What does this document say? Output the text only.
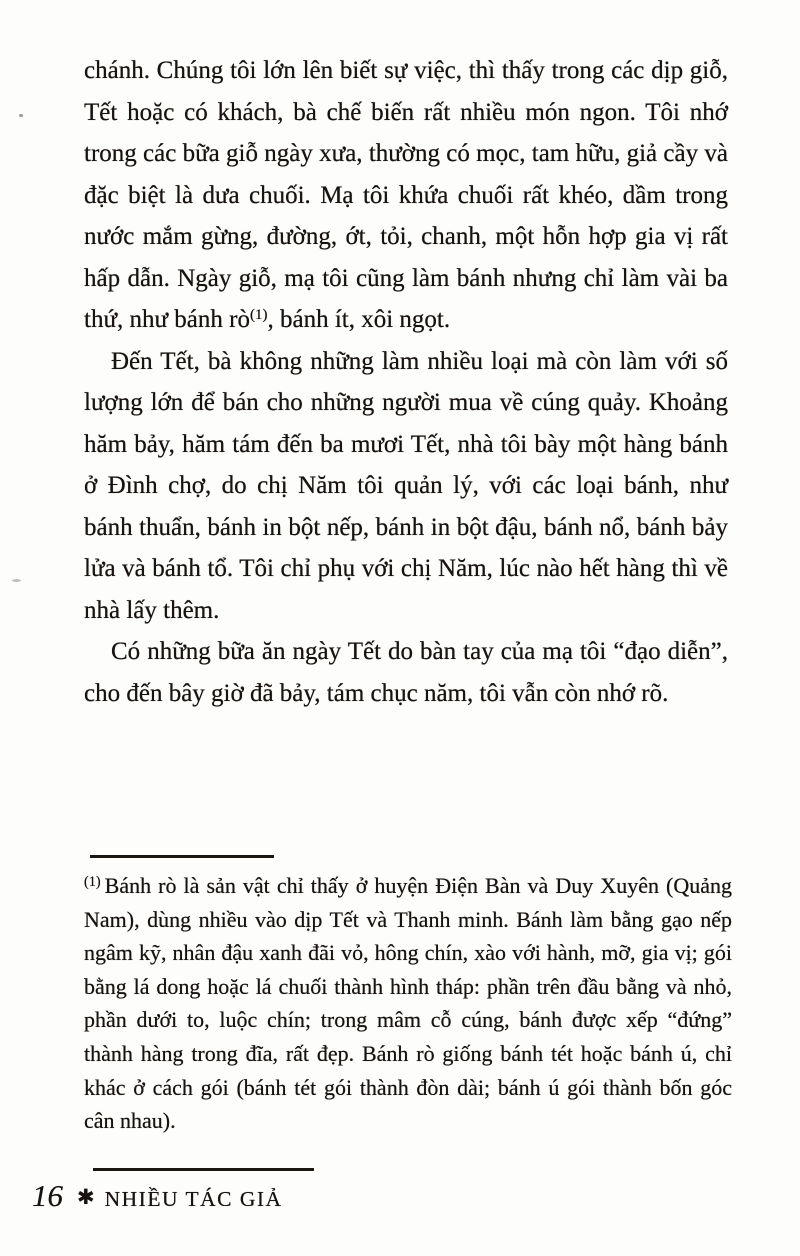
chánh. Chúng tôi lớn lên biết sự việc, thì thấy trong các dịp giỗ, Tết hoặc có khách, bà chế biến rất nhiều món ngon. Tôi nhớ trong các bữa giỗ ngày xưa, thường có mọc, tam hữu, giả cầy và đặc biệt là dưa chuối. Mạ tôi khứa chuối rất khéo, dầm trong nước mắm gừng, đường, ớt, tỏi, chanh, một hỗn hợp gia vị rất hấp dẫn. Ngày giỗ, mạ tôi cũng làm bánh nhưng chỉ làm vài ba thứ, như bánh rò$^{(1)}$, bánh ít, xôi ngọt.

Đến Tết, bà không những làm nhiều loại mà còn làm với số lượng lớn để bán cho những người mua về cúng quảy. Khoảng hăm bảy, hăm tám đến ba mươi Tết, nhà tôi bày một hàng bánh ở Đình chợ, do chị Năm tôi quản lý, với các loại bánh, như bánh thuẩn, bánh in bột nếp, bánh in bột đậu, bánh nổ, bánh bảy lửa và bánh tổ. Tôi chỉ phụ với chị Năm, lúc nào hết hàng thì về nhà lấy thêm.

Có những bữa ăn ngày Tết do bàn tay của mạ tôi “đạo diễn”, cho đến bây giờ đã bảy, tám chục năm, tôi vẫn còn nhớ rõ.

$^{(1)}$ Bánh rò là sản vật chỉ thấy ở huyện Điện Bàn và Duy Xuyên (Quảng Nam), dùng nhiều vào dịp Tết và Thanh minh. Bánh làm bằng gạo nếp ngâm kỹ, nhân đậu xanh đãi vỏ, hông chín, xào với hành, mỡ, gia vị; gói bằng lá dong hoặc lá chuối thành hình tháp: phần trên đầu bằng và nhỏ, phần dưới to, luộc chín; trong mâm cỗ cúng, bánh được xếp “đứng” thành hàng trong đĩa, rất đẹp. Bánh rò giống bánh tét hoặc bánh ú, chỉ khác ở cách gói (bánh tét gói thành đòn dài; bánh ú gói thành bốn góc cân nhau).
16 ✱ NHIỀU TÁC GIẢ
